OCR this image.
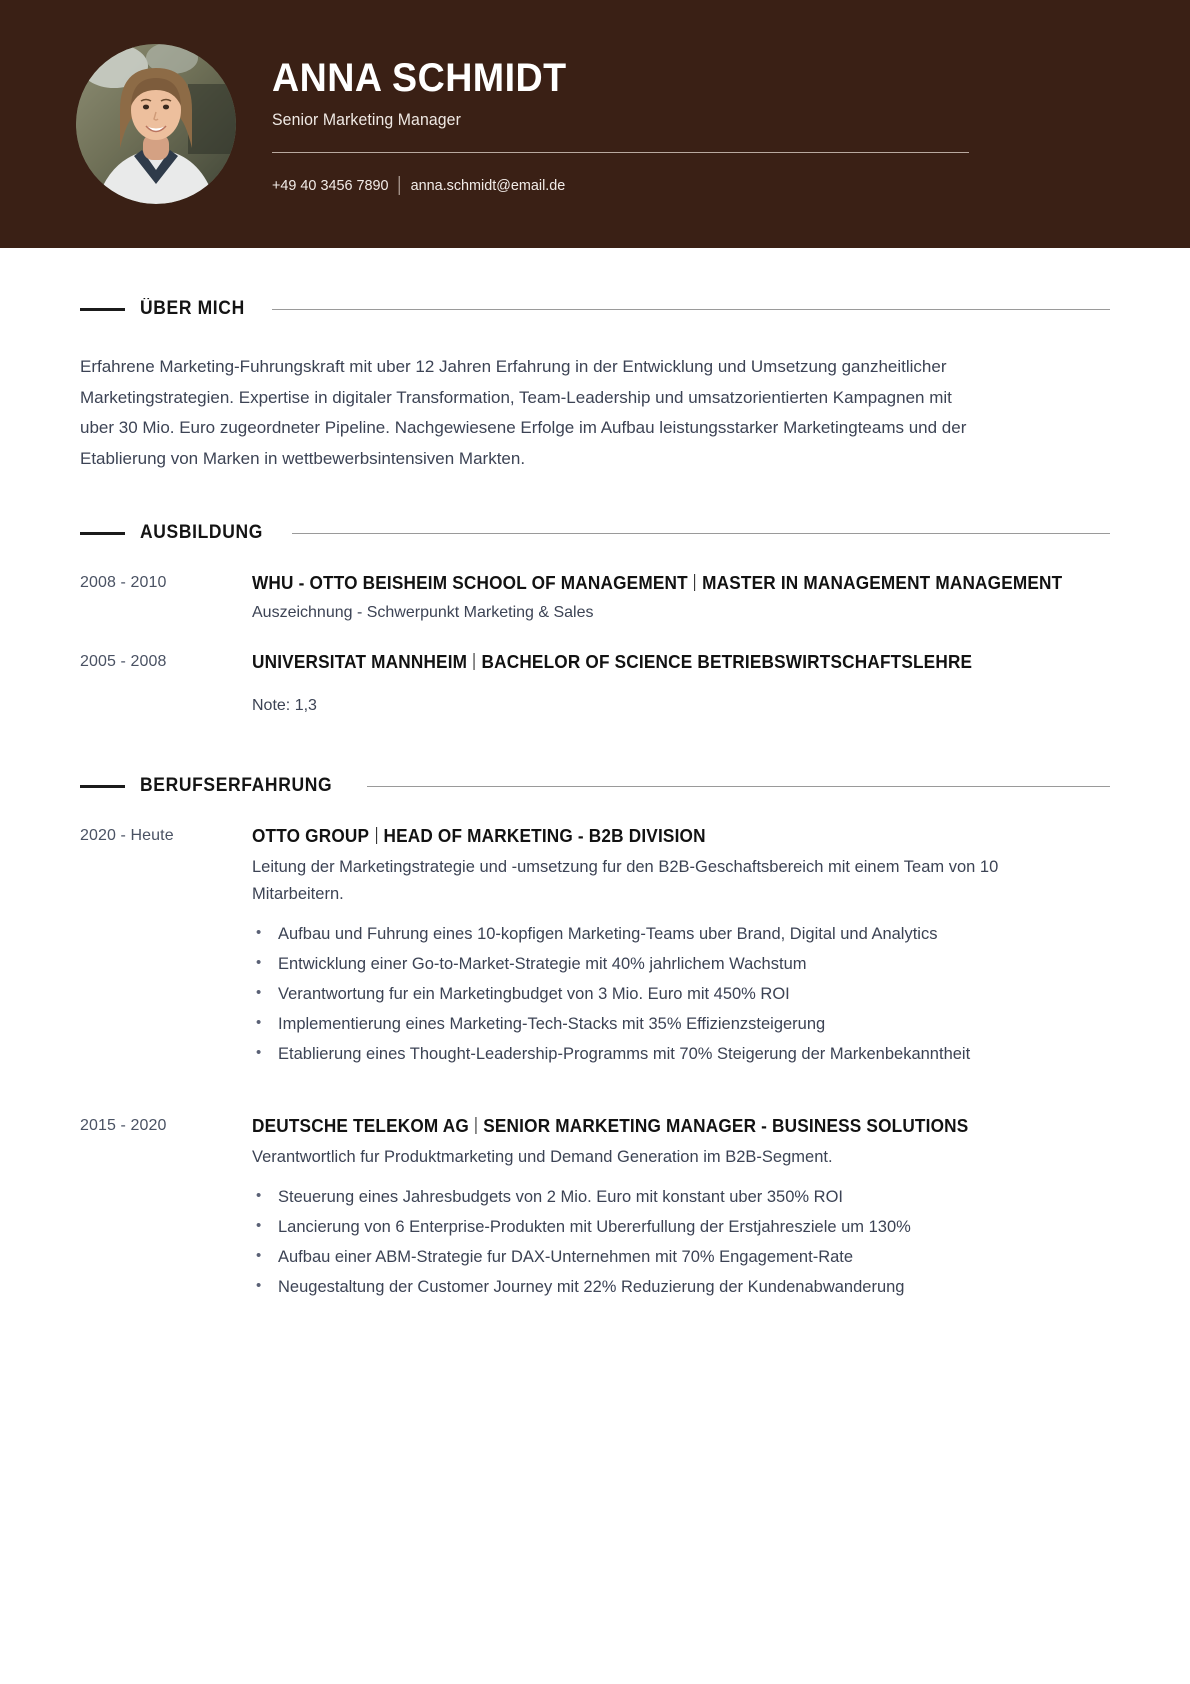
ANNA SCHMIDT
Senior Marketing Manager
+49 40 3456 7890 anna.schmidt@email.de
ÜBER MICH

Erfahrene Marketing-Fuhrungskraft mit uber 12 Jahren Erfahrung in der Entwicklung und Umsetzung ganzheitlicher Marketingstrategien. Expertise in digitaler Transformation, Team-Leadership und umsatzorientierten Kampagnen mit uber 30 Mio. Euro zugeordneter Pipeline. Nachgewiesene Erfolge im Aufbau leistungsstarker Marketingteams und der Etablierung von Marken in wettbewerbsintensiven Markten.

AUSBILDUNG
2008 - 2010	WHU - OTTO BEISHEIM SCHOOL OF MANAGEMENT MASTER IN MANAGEMENT MANAGEMENT
Auszeichnung - Schwerpunkt Marketing & Sales
2005 - 2008	UNIVERSITAT MANNHEIM BACHELOR OF SCIENCE BETRIEBSWIRTSCHAFTSLEHRE
Note: 1,3
BERUFSERFAHRUNG
2020 - Heute	OTTO GROUP HEAD OF MARKETING - B2B DIVISION
Leitung der Marketingstrategie und -umsetzung fur den B2B-Geschaftsbereich mit einem Team von 10 Mitarbeitern.
• Aufbau und Fuhrung eines 10-kopfigen Marketing-Teams uber Brand, Digital und Analytics
• Entwicklung einer Go-to-Market-Strategie mit 40% jahrlichem Wachstum
• Verantwortung fur ein Marketingbudget von 3 Mio. Euro mit 450% ROI
• Implementierung eines Marketing-Tech-Stacks mit 35% Effizienzsteigerung
• Etablierung eines Thought-Leadership-Programms mit 70% Steigerung der Markenbekanntheit
2015 - 2020	DEUTSCHE TELEKOM AG SENIOR MARKETING MANAGER - BUSINESS SOLUTIONS
Verantwortlich fur Produktmarketing und Demand Generation im B2B-Segment.
• Steuerung eines Jahresbudgets von 2 Mio. Euro mit konstant uber 350% ROI
• Lancierung von 6 Enterprise-Produkten mit Ubererfullung der Erstjahresziele um 130%
• Aufbau einer ABM-Strategie fur DAX-Unternehmen mit 70% Engagement-Rate
• Neugestaltung der Customer Journey mit 22% Reduzierung der Kundenabwanderung
